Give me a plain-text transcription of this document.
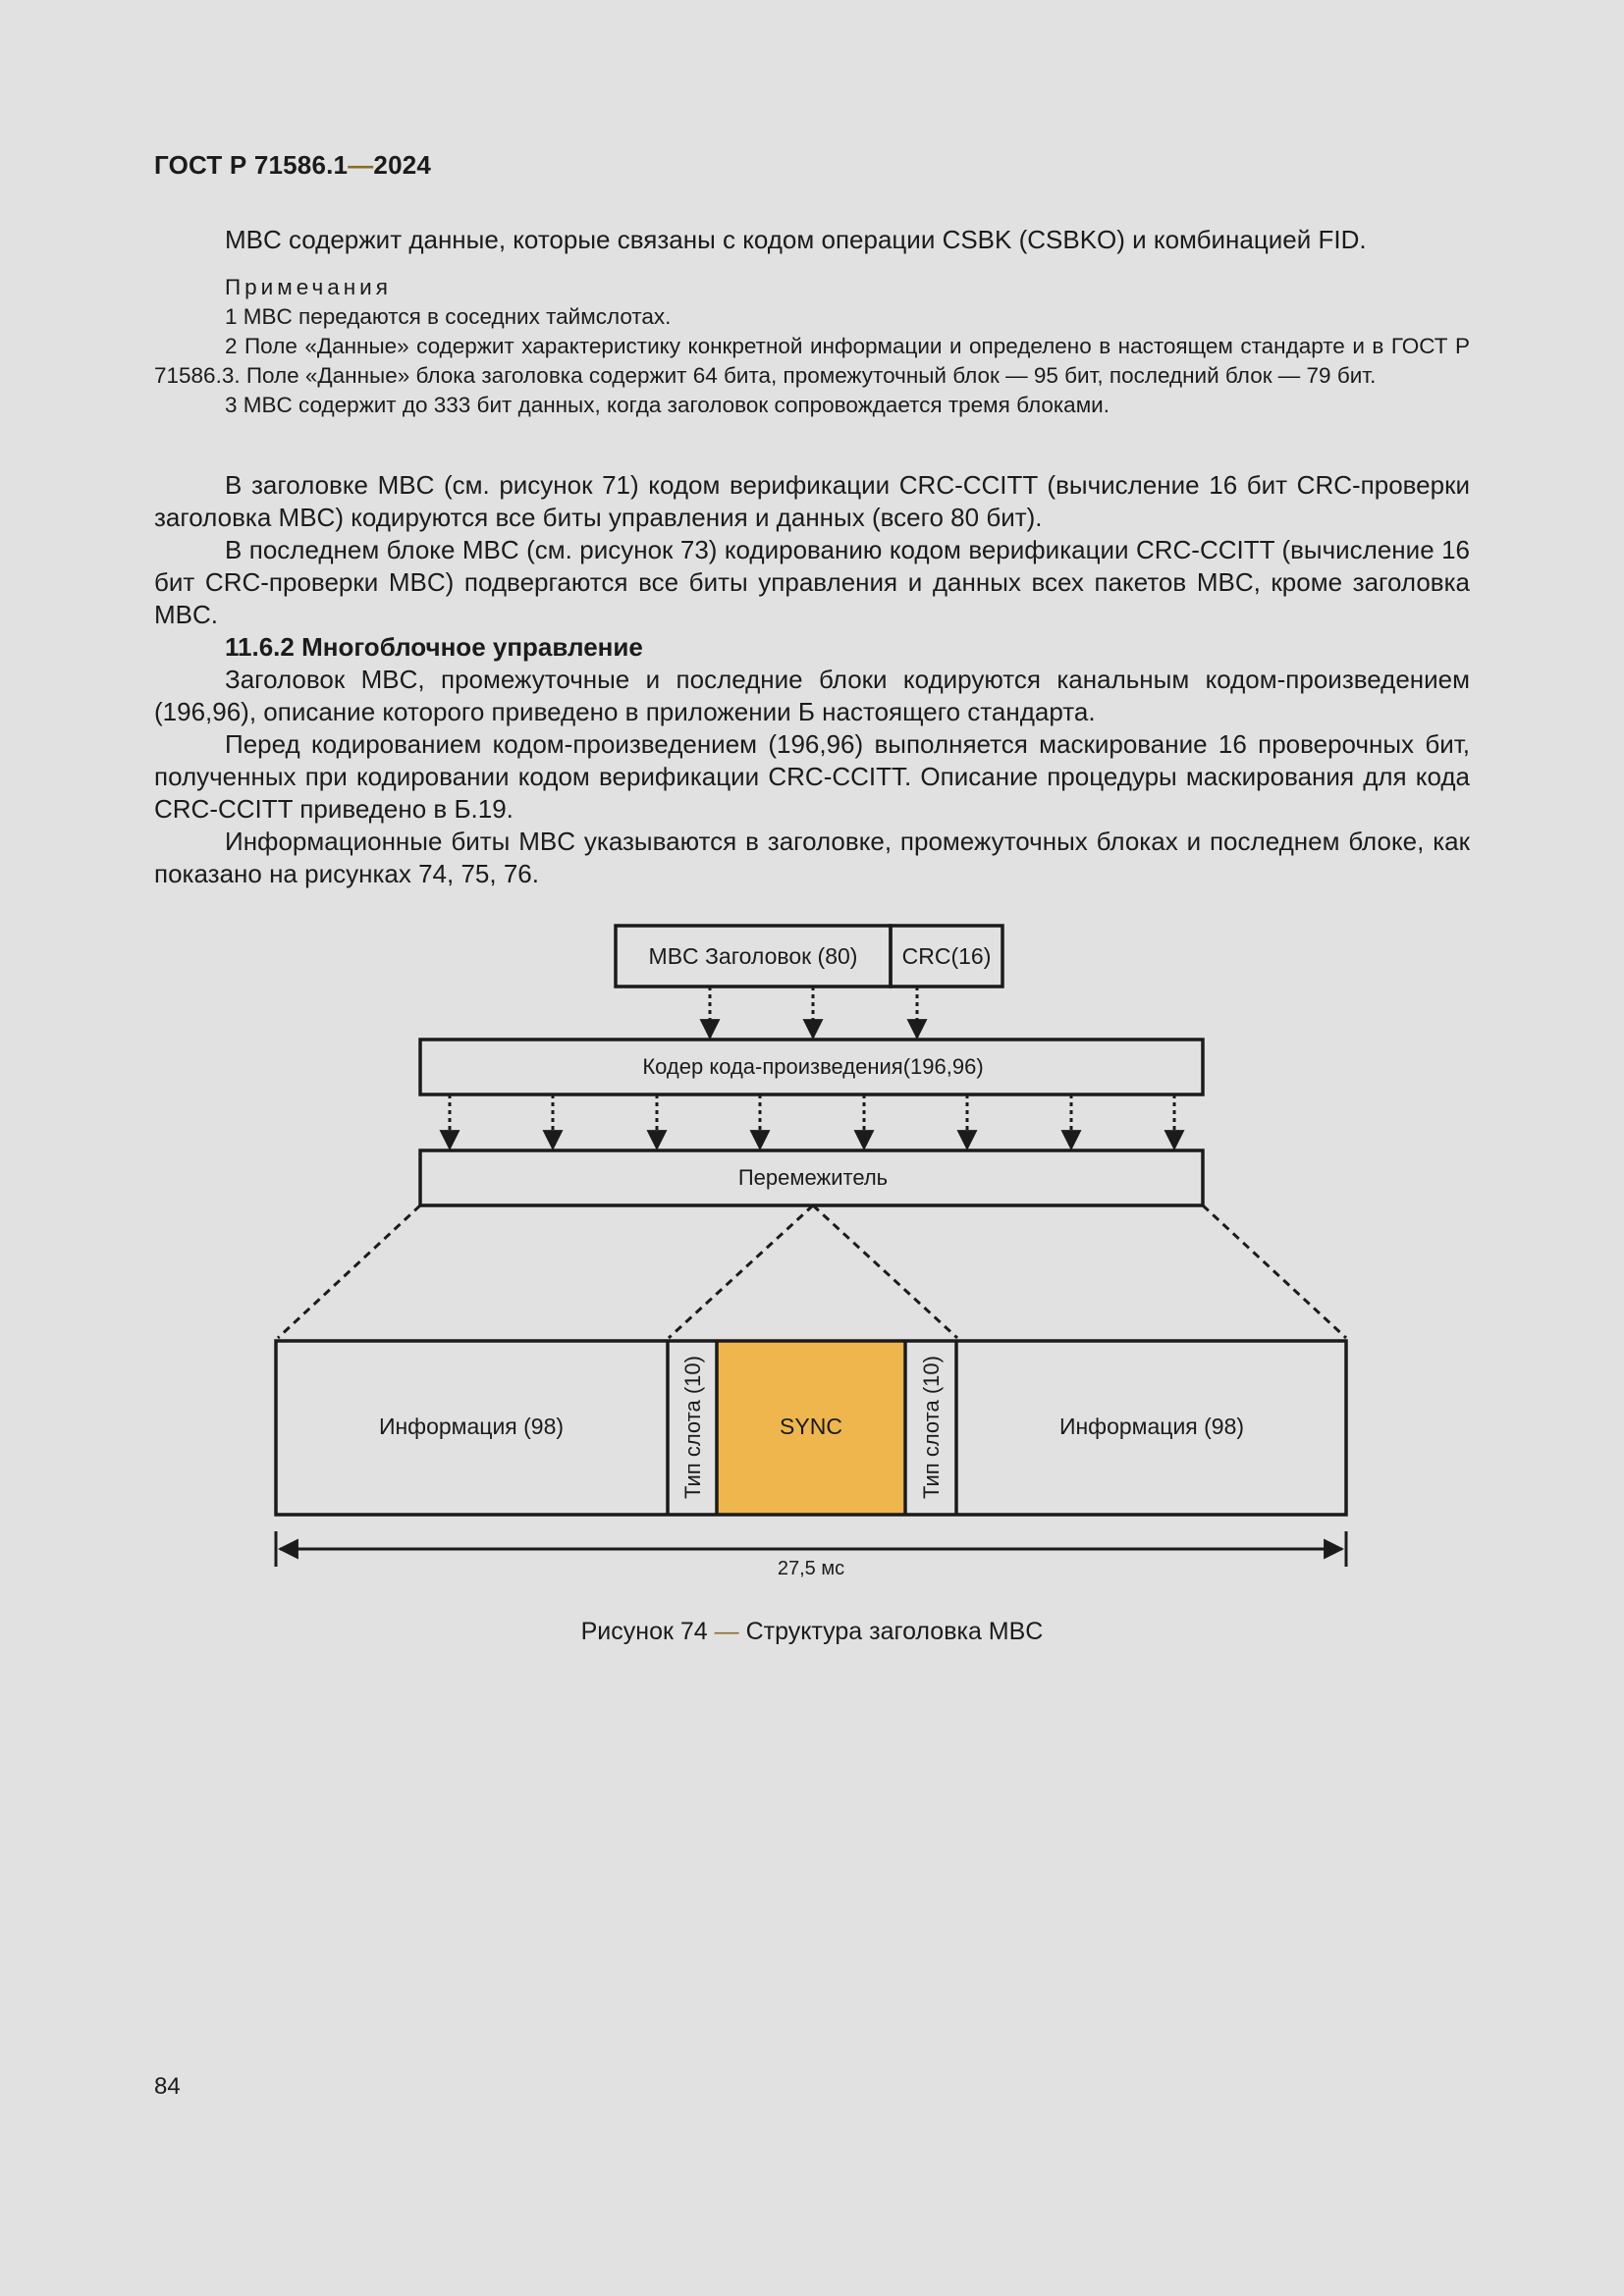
ГОСТ Р 71586.1—2024

MBC содержит данные, которые связаны с кодом операции CSBK (CSBKO) и комбинацией FID.

Примечания

1 MBC передаются в соседних таймслотах.

2 Поле «Данные» содержит характеристику конкретной информации и определено в настоящем стандарте и в ГОСТ Р 71586.3. Поле «Данные» блока заголовка содержит 64 бита, промежуточный блок — 95 бит, последний блок — 79 бит.

3 MBC содержит до 333 бит данных, когда заголовок сопровождается тремя блоками.

В заголовке MBC (см. рисунок 71) кодом верификации CRC-CCITT (вычисление 16 бит CRC-проверки заголовка MBC) кодируются все биты управления и данных (всего 80 бит).

В последнем блоке MBC (см. рисунок 73) кодированию кодом верификации CRC-CCITT (вычисление 16 бит CRC-проверки MBC) подвергаются все биты управления и данных всех пакетов MBC, кроме заголовка MBC.

11.6.2 Многоблочное управление

Заголовок MBC, промежуточные и последние блоки кодируются канальным кодом-произведением (196,96), описание которого приведено в приложении Б настоящего стандарта.

Перед кодированием кодом-произведением (196,96) выполняется маскирование 16 проверочных бит, полученных при кодировании кодом верификации CRC-CCITT. Описание процедуры маскирования для кода CRC-CCITT приведено в Б.19.

Информационные биты MBC указываются в заголовке, промежуточных блоках и последнем блоке, как показано на рисунках 74, 75, 76.

MBC Заголовок (80) CRC(16)
Кодер кода-произведения(196,96)
Перемежитель
Информация (98)	SYNC	Информация (98)
Тип слота (10)	Тип слота (10)
27,5 мс
Рисунок 74 — Структура заголовка MBC
84
